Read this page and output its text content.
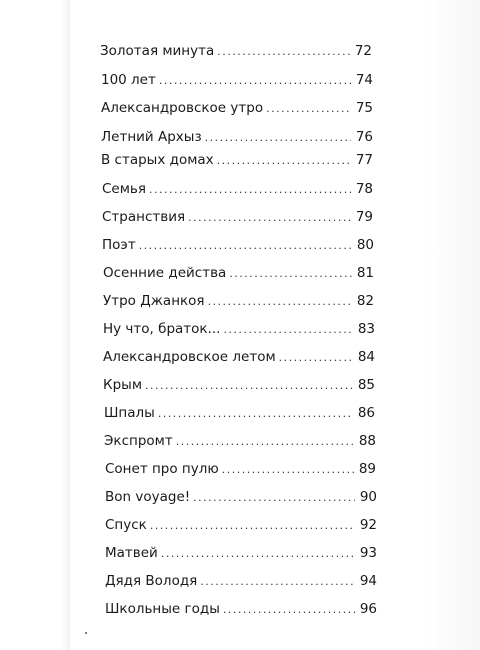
Золотая минута . . .	72
100 лет . . .	74
Александровское утро . . .	75
Летний Архыз . . .	76
В старых домах . . .	77
Семья . . .	78
Странствия . . .	79
Поэт . . .	80
Осенние действа . . .	81
Утро Джанкоя . . .	82
Ну что, браток... . . .	83
Александровское летом . . .	84
Крым . . .	85
Шпалы . . .	86
Экспромт . . .	88
Сонет про пулю . . .	89
Bon voyage! . . .	90
Спуск . . .	92
Матвей . . .	93
Дядя Володя . . .	94
Школьные годы . . .	96
